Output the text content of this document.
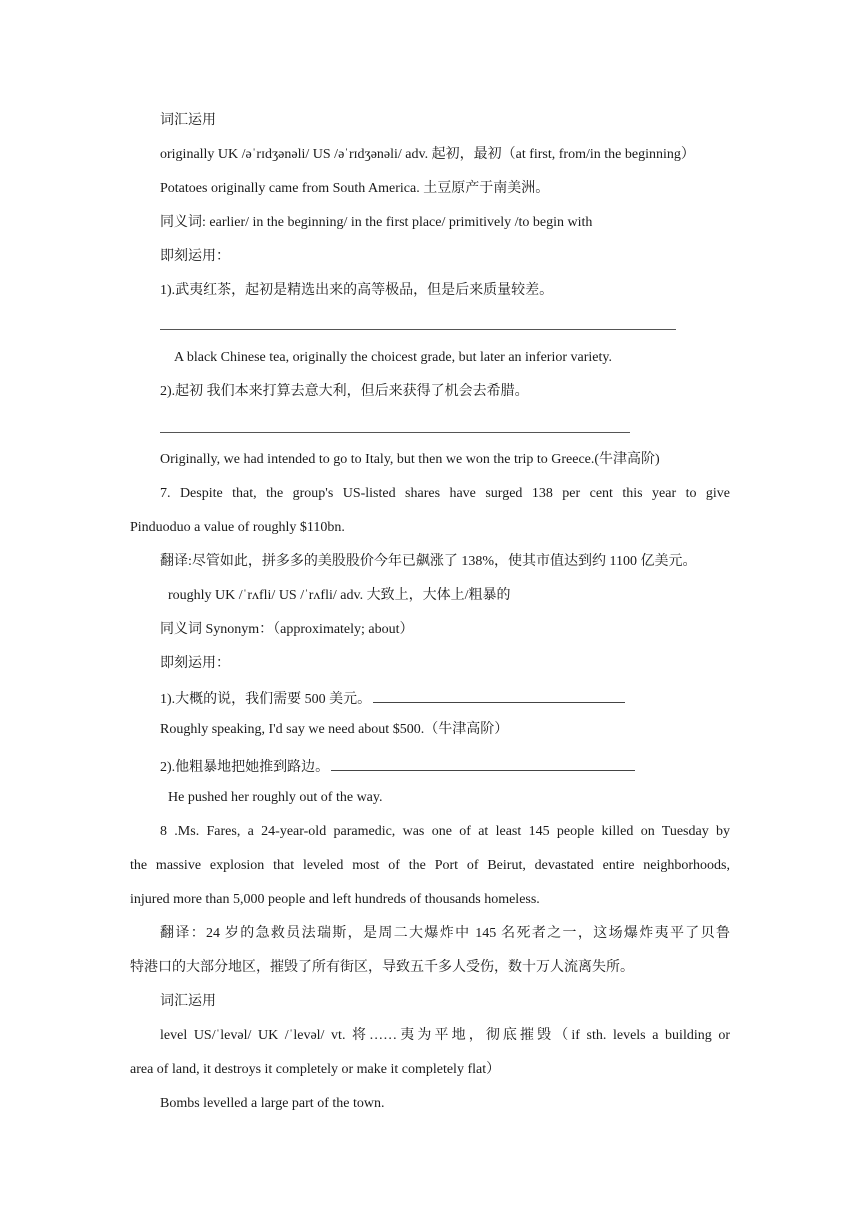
词汇运用
originally UK /əˈrɪdʒənəli/ US /əˈrɪdʒənəli/ adv. 起初，最初（at first, from/in the beginning）
Potatoes originally came from South America. 土豆原产于南美洲。
同义词: earlier/ in the beginning/ in the first place/ primitively /to begin with
即刻运用：
1).武夷红茶，起初是精选出来的高等极品，但是后来质量较差。
A black Chinese tea, originally the choicest grade, but later an inferior variety.
2).起初 我们本来打算去意大利，但后来获得了机会去希腊。
Originally, we had intended to go to Italy, but then we won the trip to Greece.(牛津高阶)
7. Despite that, the group's US-listed shares have surged 138 per cent this year to give
Pinduoduo a value of roughly $110bn.
翻译:尽管如此，拼多多的美股股价今年已飙涨了 138%，使其市值达到约 1100 亿美元。
roughly UK /ˈrʌfli/ US /ˈrʌfli/ adv. 大致上，大体上/粗暴的
同义词 Synonym：（approximately; about）
即刻运用：
1).大概的说，我们需要 500 美元。
Roughly speaking, I'd say we need about $500.（牛津高阶）
2).他粗暴地把她推到路边。
He pushed her roughly out of the way.
8 .Ms. Fares, a 24-year-old paramedic, was one of at least 145 people killed on Tuesday by
the massive explosion that leveled most of the Port of Beirut, devastated entire neighborhoods,
injured more than 5,000 people and left hundreds of thousands homeless.
翻译：24 岁的急救员法瑞斯，是周二大爆炸中 145 名死者之一，这场爆炸夷平了贝鲁
特港口的大部分地区，摧毁了所有街区，导致五千多人受伤，数十万人流离失所。
词汇运用
level US/ˈlevəl/ UK /ˈlevəl/ vt. 将……夷为平地，彻底摧毁（if sth. levels a building or
area of land, it destroys it completely or make it completely flat）
Bombs levelled a large part of the town.
